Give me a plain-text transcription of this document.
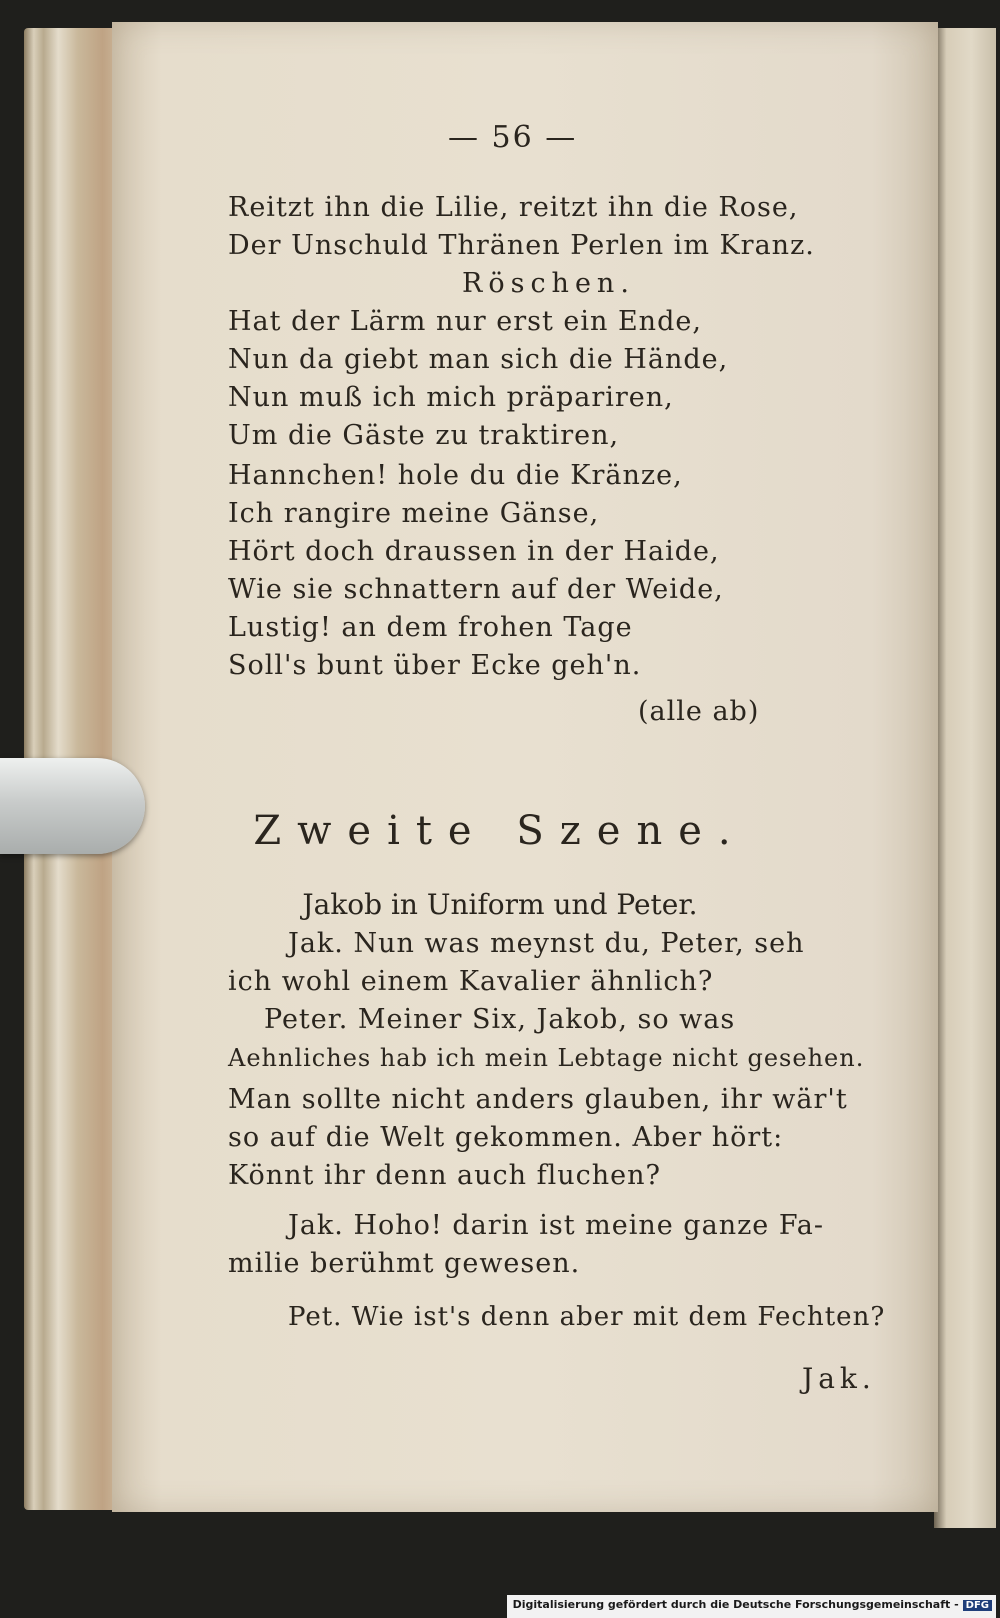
— 56 —
Reitzt ihn die Lilie, reitzt ihn die Rose,
Der Unschuld Thränen Perlen im Kranz.
Röschen.
Hat der Lärm nur erst ein Ende,
Nun da giebt man sich die Hände,
Nun muß ich mich präpariren,
Um die Gäste zu traktiren,
Hannchen! hole du die Kränze,
Ich rangire meine Gänse,
Hört doch draussen in der Haide,
Wie sie schnattern auf der Weide,
Lustig! an dem frohen Tage
Soll's bunt über Ecke geh'n.
(alle ab)
Zweite Szene.
Jakob in Uniform und Peter.
Jak. Nun was meynst du, Peter, seh
ich wohl einem Kavalier ähnlich?
Peter. Meiner Six, Jakob, so was
Aehnliches hab ich mein Lebtage nicht gesehen.
Man sollte nicht anders glauben, ihr wär't
so auf die Welt gekommen. Aber hört:
Könnt ihr denn auch fluchen?
Jak. Hoho! darin ist meine ganze Fa-
milie berühmt gewesen.
Pet. Wie ist's denn aber mit dem Fechten?
Jak.
Digitalisierung gefördert durch die Deutsche Forschungsgemeinschaft - DFG
